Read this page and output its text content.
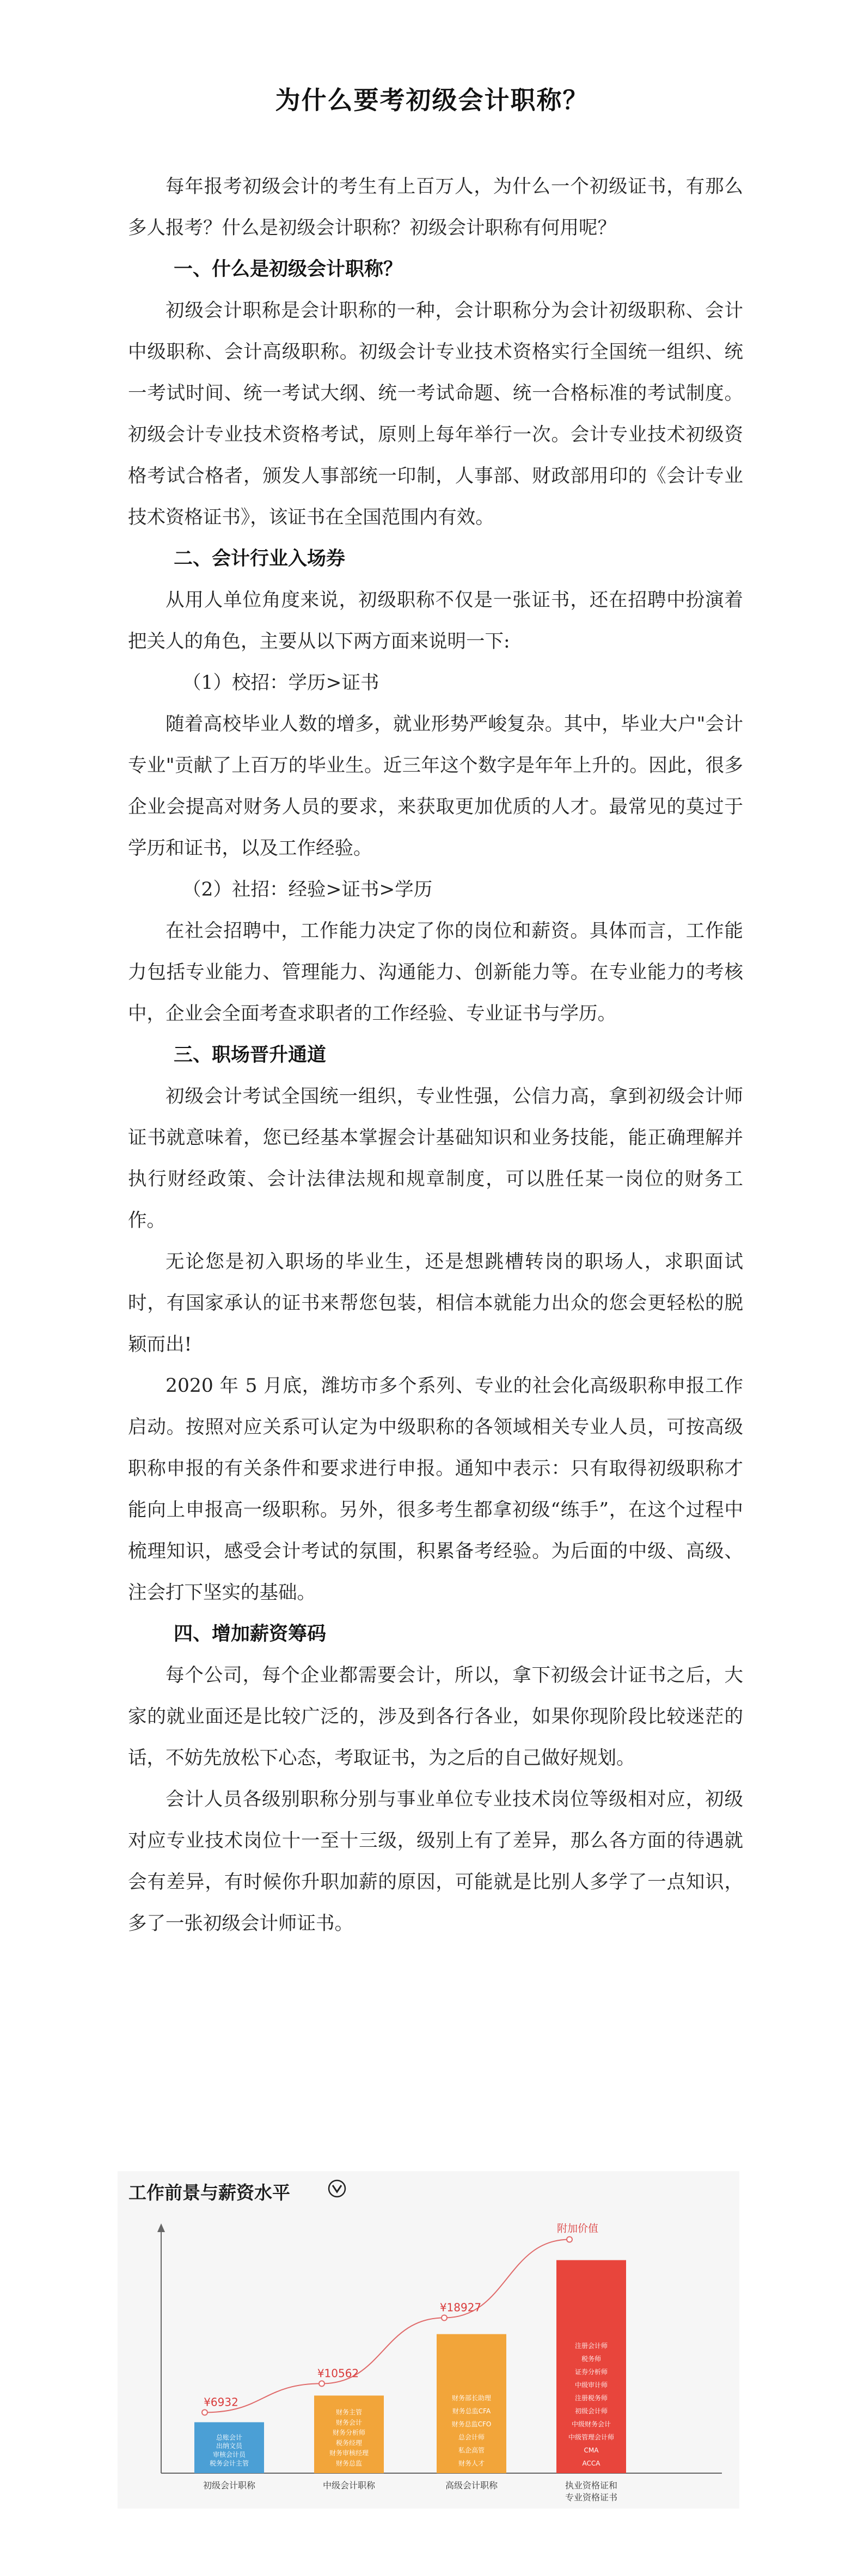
为什么要考初级会计职称？

每年报考初级会计的考生有上百万人，为什么一个初级证书，有那么多人报考？什么是初级会计职称？初级会计职称有何用呢？

一、什么是初级会计职称？

初级会计职称是会计职称的一种，会计职称分为会计初级职称、会计中级职称、会计高级职称。初级会计专业技术资格实行全国统一组织、统一考试时间、统一考试大纲、统一考试命题、统一合格标准的考试制度。初级会计专业技术资格考试，原则上每年举行一次。会计专业技术初级资格考试合格者，颁发人事部统一印制，人事部、财政部用印的《会计专业技术资格证书》，该证书在全国范围内有效。

二、会计行业入场券

从用人单位角度来说，初级职称不仅是一张证书，还在招聘中扮演着把关人的角色，主要从以下两方面来说明一下:

（1）校招：学历>证书

随着高校毕业人数的增多，就业形势严峻复杂。其中，毕业大户"会计专业"贡献了上百万的毕业生。近三年这个数字是年年上升的。因此，很多企业会提高对财务人员的要求，来获取更加优质的人才。最常见的莫过于学历和证书，以及工作经验。

（2）社招：经验>证书>学历

在社会招聘中，工作能力决定了你的岗位和薪资。具体而言，工作能力包括专业能力、管理能力、沟通能力、创新能力等。在专业能力的考核中，企业会全面考查求职者的工作经验、专业证书与学历。

三、职场晋升通道

初级会计考试全国统一组织，专业性强，公信力高，拿到初级会计师证书就意味着，您已经基本掌握会计基础知识和业务技能，能正确理解并执行财经政策、会计法律法规和规章制度，可以胜任某一岗位的财务工作。

无论您是初入职场的毕业生，还是想跳槽转岗的职场人，求职面试时，有国家承认的证书来帮您包装，相信本就能力出众的您会更轻松的脱颖而出!

2020 年 5 月底，潍坊市多个系列、专业的社会化高级职称申报工作启动。按照对应关系可认定为中级职称的各领域相关专业人员，可按高级职称申报的有关条件和要求进行申报。通知中表示：只有取得初级职称才能向上申报高一级职称。另外，很多考生都拿初级“练手”，在这个过程中梳理知识，感受会计考试的氛围，积累备考经验。为后面的中级、高级、注会打下坚实的基础。

四、增加薪资筹码

每个公司，每个企业都需要会计，所以，拿下初级会计证书之后，大家的就业面还是比较广泛的，涉及到各行各业，如果你现阶段比较迷茫的话，不妨先放松下心态，考取证书，为之后的自己做好规划。

会计人员各级别职称分别与事业单位专业技术岗位等级相对应，初级对应专业技术岗位十一至十三级，级别上有了差异，那么各方面的待遇就会有差异，有时候你升职加薪的原因，可能就是比别人多学了一点知识，多了一张初级会计师证书。

工作前景与薪资水平
总账会计
出纳文员
审核会计员
税务会计主管
初级会计职称
财务主管
财务会计
财务分析师
税务经理
财务审核经理
财务总监
中级会计职称
财务部长助理
财务总监CFA
财务总监CFO
总会计师
私企高管
财务人才
高级会计职称
注册会计师
税务师
证券分析师
中级审计师
注册税务师
初级会计师
中级财务会计
中级管理会计师
CMA
ACCA
执业资格证和
专业资格证书
¥6932
¥10562
¥18927
附加价值
